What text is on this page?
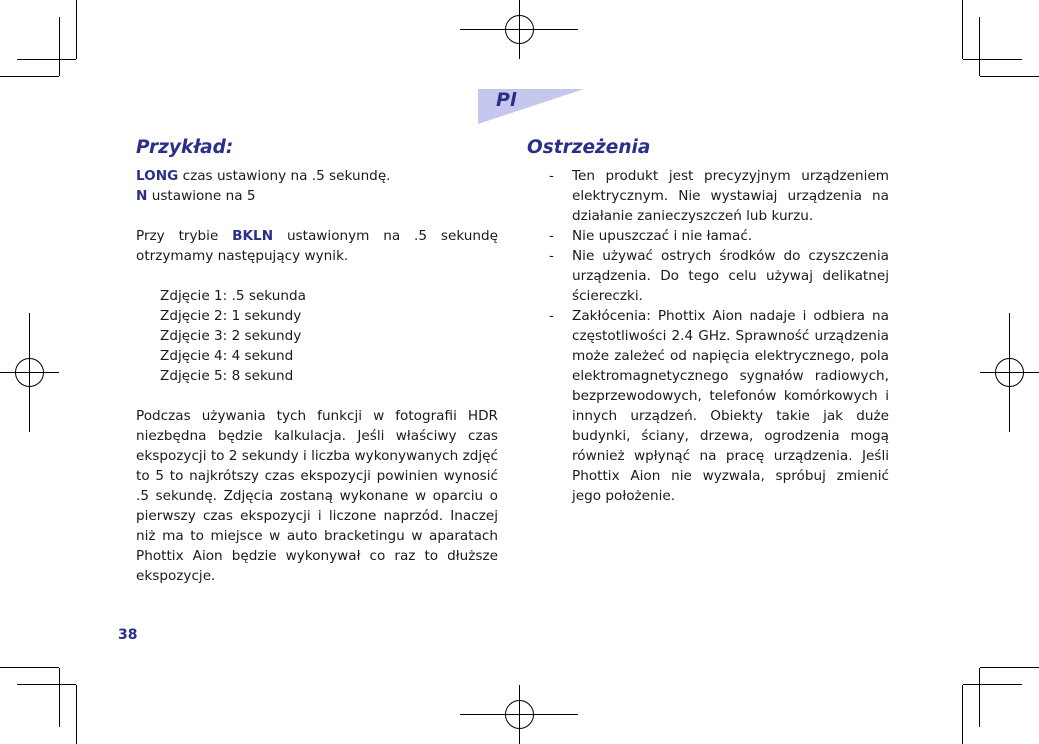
Pl
Przykład:
LONG czas ustawiony na .5 sekundę.
N ustawione na 5
Przy trybie BKLN ustawionym na .5 sekundę otrzymamy następujący wynik.
Zdjęcie 1: .5 sekunda
Zdjęcie 2: 1 sekundy
Zdjęcie 3: 2 sekundy
Zdjęcie 4: 4 sekund
Zdjęcie 5: 8 sekund
Podczas używania tych funkcji w fotografii HDR niezbędna będzie kalkulacja. Jeśli właściwy czas ekspozycji to 2 sekundy i liczba wykonywanych zdjęć to 5 to najkrótszy czas ekspozycji powinien wynosić .5 sekundę. Zdjęcia zostaną wykonane w oparciu o pierwszy czas ekspozycji i liczone naprzód. Inaczej niż ma to miejsce w auto bracketingu w aparatach Phottix Aion będzie wykonywał co raz to dłuższe ekspozycje.
Ostrzeżenia
- Ten produkt jest precyzyjnym urządzeniem elektrycznym. Nie wystawiaj urządzenia na działanie zanieczyszczeń lub kurzu.
- Nie upuszczać i nie łamać.
- Nie używać ostrych środków do czyszczenia urządzenia. Do tego celu używaj delikatnej ściereczki.
- Zakłócenia: Phottix Aion nadaje i odbiera na częstotliwości 2.4 GHz. Sprawność urządzenia może zależeć od napięcia elektrycznego, pola elektromagnetycznego sygnałów radiowych, bezprzewodowych, telefonów komórkowych i innych urządzeń. Obiekty takie jak duże budynki, ściany, drzewa, ogrodzenia mogą również wpłynąć na pracę urządzenia. Jeśli Phottix Aion nie wyzwala, spróbuj zmienić jego położenie.
38
